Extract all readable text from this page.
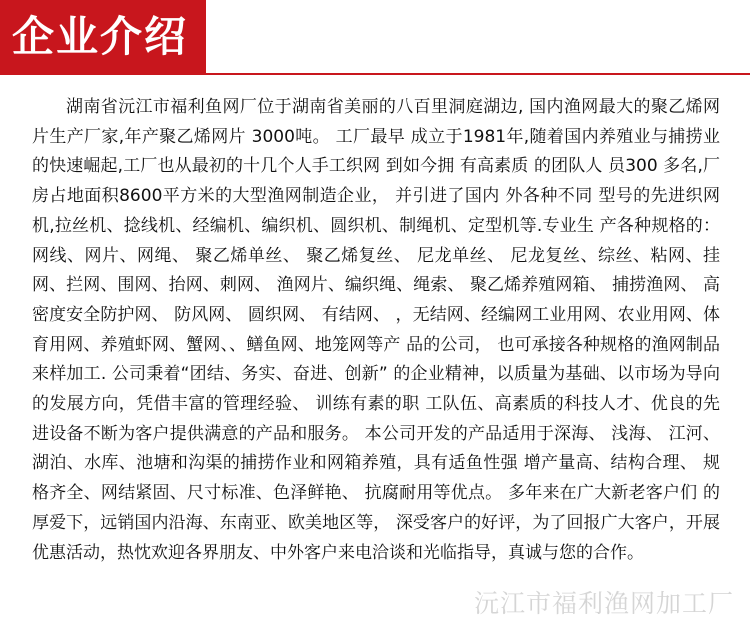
企业介绍

湖南省沅江市福利鱼网厂位于湖南省美丽的八百里洞庭湖边, 国内渔网最大的聚乙烯网片生产厂家,年产聚乙烯网片 3000吨。 工厂最早 成立于1981年,随着国内养殖业与捕捞业的快速崛起,工厂也从最初的十几个人手工织网 到如今拥 有高素质 的团队人 员300 多名,厂房占地面积8600平方米的大型渔网制造企业， 并引进了国内 外各种不同 型号的先进织网机,拉丝机、捻线机、经编机、编织机、圆织机、制绳机、定型机等.专业生 产各种规格的：网线、网片、网绳、 聚乙烯单丝、 聚乙烯复丝、 尼龙单丝、 尼龙复丝、综丝、粘网、挂网、拦网、围网、抬网、刺网、 渔网片、编织绳、绳索、 聚乙烯养殖网箱、 捕捞渔网、 高密度安全防护网、 防风网、 圆织网、 有结网、 ，无结网、经编网工业用网、农业用网、体育用网、养殖虾网、蟹网、、鳝鱼网、地笼网等产 品的公司， 也可承接各种规格的渔网制品来样加工. 公司秉着“团结、务实、奋进、创新” 的企业精神，以质量为基础、以市场为导向的发展方向，凭借丰富的管理经验、 训练有素的职 工队伍、高素质的科技人才、优良的先进设备不断为客户提供满意的产品和服务。 本公司开发的产品适用于深海、 浅海、 江河、湖泊、水库、池塘和沟渠的捕捞作业和网箱养殖，具有适鱼性强 增产量高、结构合理、 规格齐全、网结紧固、尺寸标准、色泽鲜艳、 抗腐耐用等优点。 多年来在广大新老客户们 的厚爱下，远销国内沿海、东南亚、欧美地区等， 深受客户的好评，为了回报广大客户，开展优惠活动，热忱欢迎各界朋友、中外客户来电洽谈和光临指导，真诚与您的合作。

沅江市福利渔网加工厂
